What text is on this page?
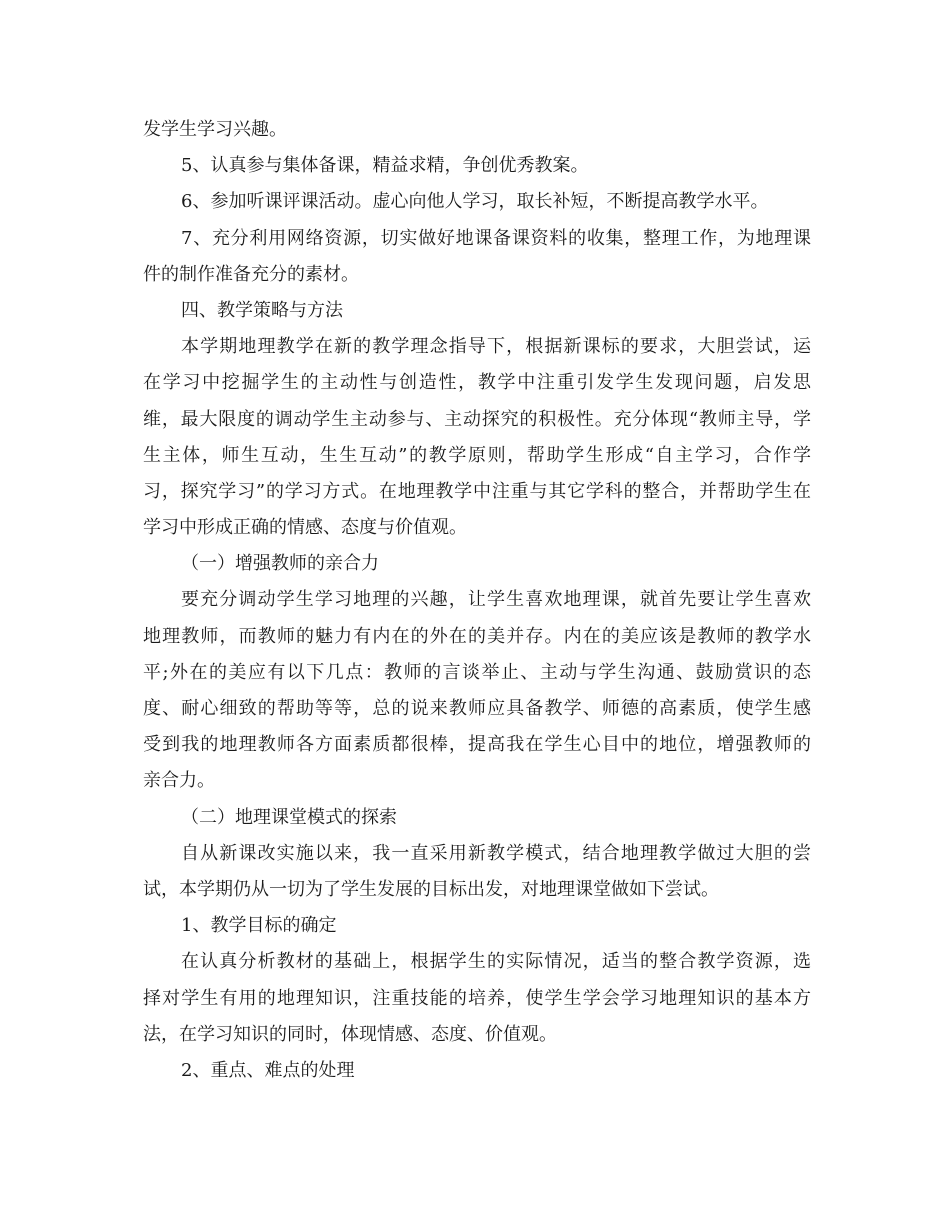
发学生学习兴趣。
5、认真参与集体备课，精益求精，争创优秀教案。
6、参加听课评课活动。虚心向他人学习，取长补短，不断提高教学水平。
7、充分利用网络资源，切实做好地课备课资料的收集，整理工作，为地理课
件的制作准备充分的素材。
四、教学策略与方法
本学期地理教学在新的教学理念指导下，根据新课标的要求，大胆尝试，运
在学习中挖掘学生的主动性与创造性，教学中注重引发学生发现问题，启发思
维，最大限度的调动学生主动参与、主动探究的积极性。充分体现“教师主导，学
生主体，师生互动，生生互动”的教学原则，帮助学生形成“自主学习，合作学
习，探究学习”的学习方式。在地理教学中注重与其它学科的整合，并帮助学生在
学习中形成正确的情感、态度与价值观。
（一）增强教师的亲合力
要充分调动学生学习地理的兴趣，让学生喜欢地理课，就首先要让学生喜欢
地理教师，而教师的魅力有内在的外在的美并存。内在的美应该是教师的教学水
平;外在的美应有以下几点：教师的言谈举止、主动与学生沟通、鼓励赏识的态
度、耐心细致的帮助等等，总的说来教师应具备教学、师德的高素质，使学生感
受到我的地理教师各方面素质都很棒，提高我在学生心目中的地位，增强教师的
亲合力。
（二）地理课堂模式的探索
自从新课改实施以来，我一直采用新教学模式，结合地理教学做过大胆的尝
试，本学期仍从一切为了学生发展的目标出发，对地理课堂做如下尝试。
1、教学目标的确定
在认真分析教材的基础上，根据学生的实际情况，适当的整合教学资源，选
择对学生有用的地理知识，注重技能的培养，使学生学会学习地理知识的基本方
法，在学习知识的同时，体现情感、态度、价值观。
2、重点、难点的处理
